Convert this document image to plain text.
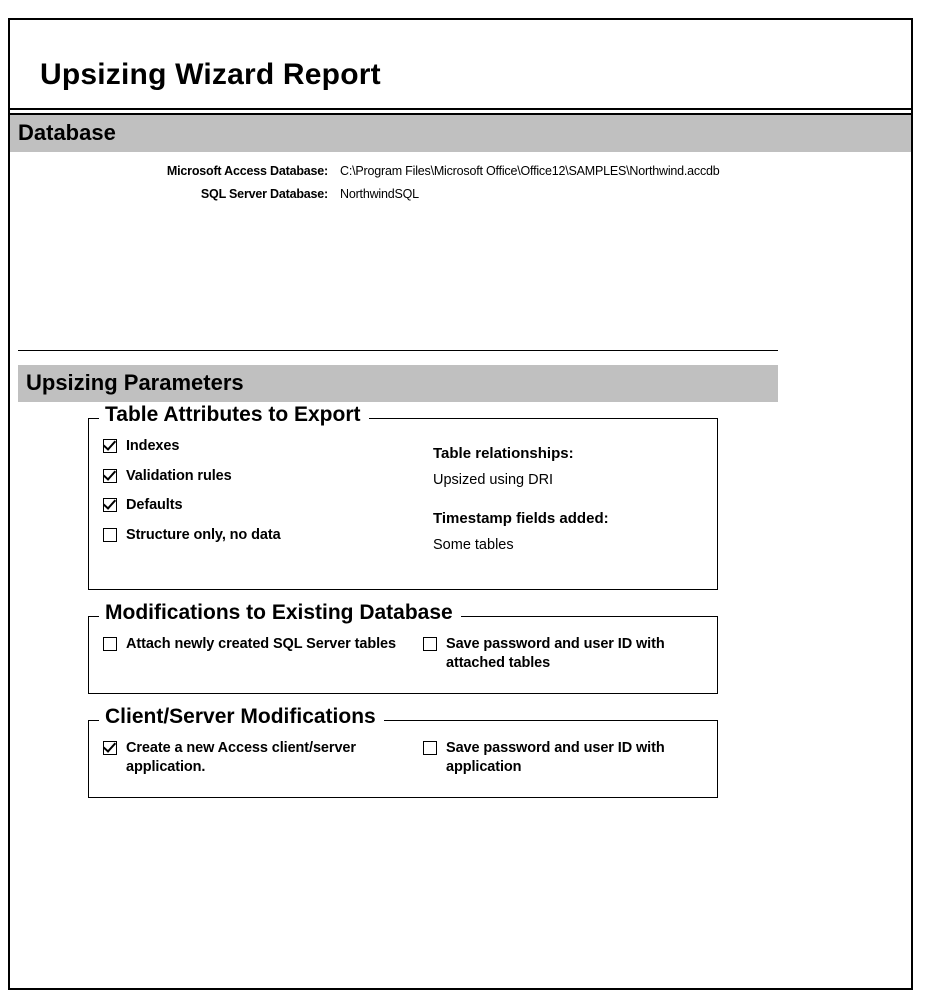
Upsizing Wizard Report
Database
Microsoft Access Database: C:\Program Files\Microsoft Office\Office12\SAMPLES\Northwind.accdb
SQL Server Database: NorthwindSQL
Upsizing Parameters
Table Attributes to Export
Indexes
Validation rules
Defaults
Structure only, no data
Table relationships:
Upsized using DRI
Timestamp fields added:
Some tables
Modifications to Existing Database
Attach newly created SQL Server tables	Save password and user ID with attached tables
Client/Server Modifications
Create a new Access client/server application.
Save password and user ID with application
